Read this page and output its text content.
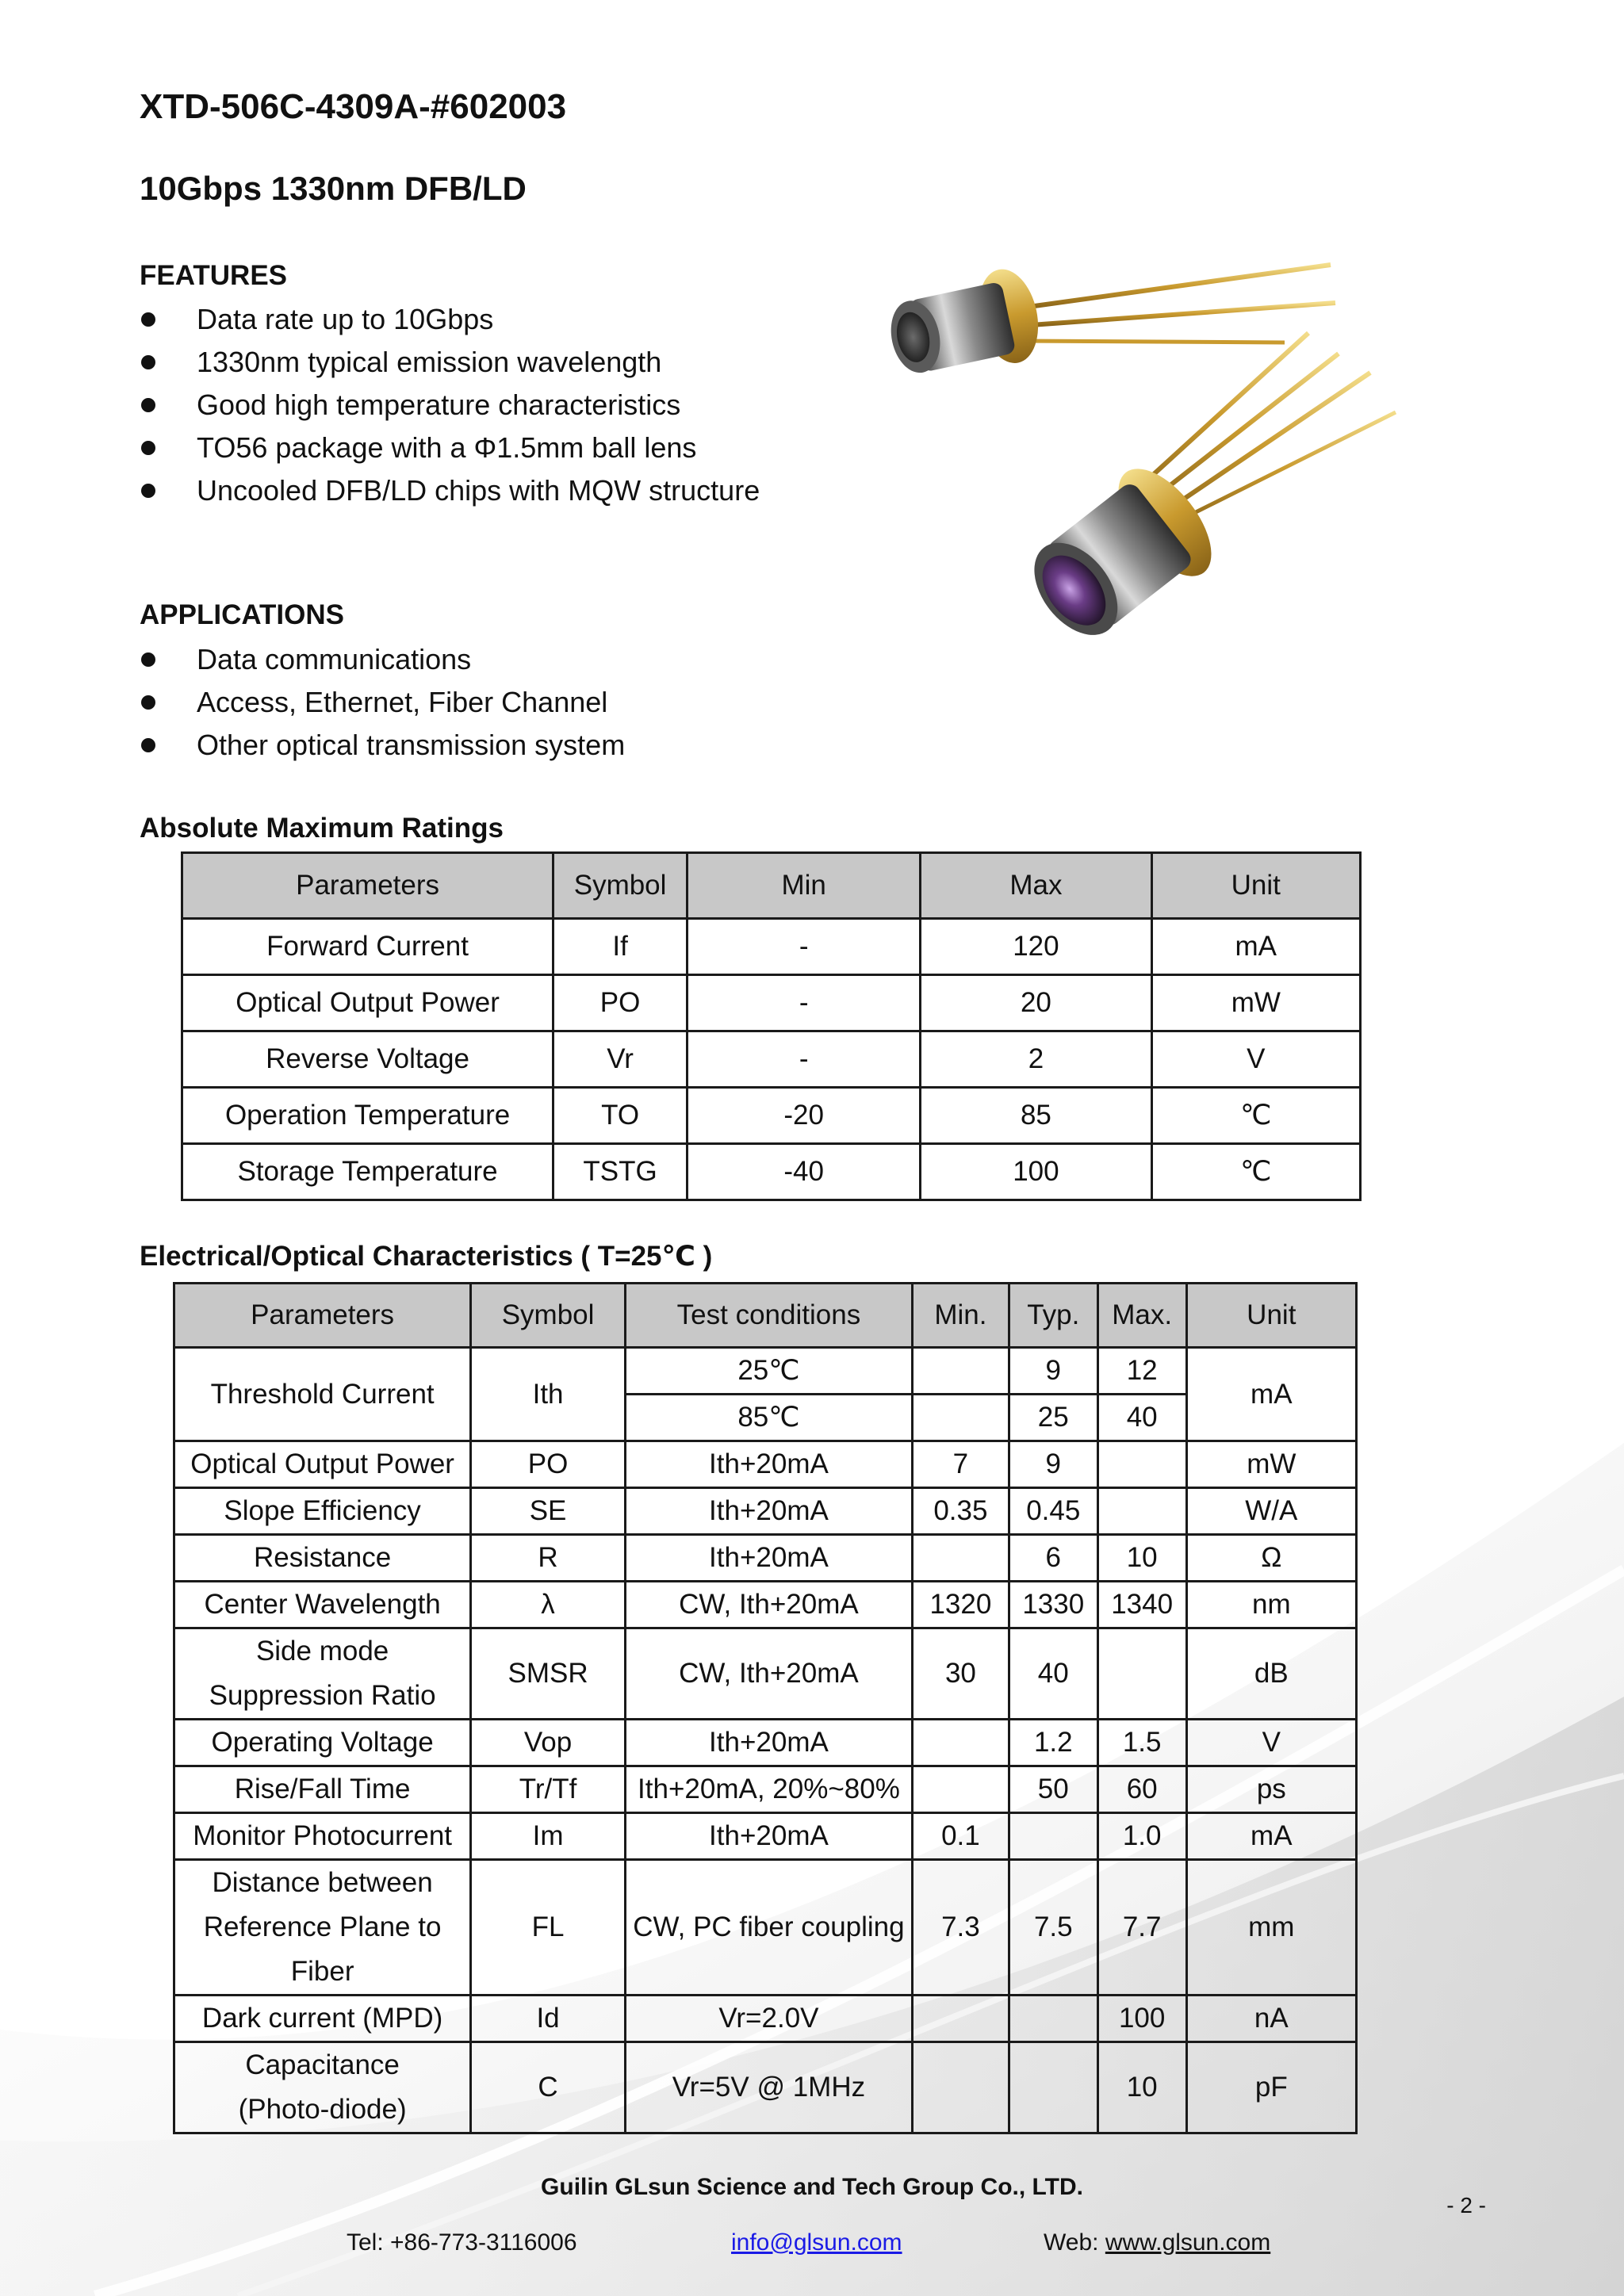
XTD-506C-4309A-#602003
10Gbps 1330nm DFB/LD
FEATURES
Data rate up to 10Gbps
1330nm typical emission wavelength
Good high temperature characteristics
TO56 package with a Φ1.5mm ball lens
Uncooled DFB/LD chips with MQW structure
APPLICATIONS
Data communications
Access, Ethernet, Fiber Channel
Other optical transmission system
Absolute Maximum Ratings
Parameters	Symbol	Min	Max	Unit
Forward Current	If	-	120	mA
Optical Output Power	PO	-	20	mW
Reverse Voltage	Vr	-	2	V
Operation Temperature	TO	-20	85	℃
Storage Temperature	TSTG	-40	100	℃
Electrical/Optical Characteristics ( T=25℃ )
Parameters	Symbol	Test conditions	Min.	Typ.	Max.	Unit
Threshold Current	Ith	25℃		9	12	mA
		85℃		25	40	
Optical Output Power	PO	Ith+20mA	7	9		mW
Slope Efficiency	SE	Ith+20mA	0.35	0.45		W/A
Resistance	R	Ith+20mA		6	10	Ω
Center Wavelength	λ	CW, Ith+20mA	1320	1330	1340	nm
Side mode
Suppression Ratio	SMSR	CW, Ith+20mA	30	40		dB
Operating Voltage	Vop	Ith+20mA		1.2	1.5	V
Rise/Fall Time	Tr/Tf	Ith+20mA, 20%~80%		50	60	ps
Monitor Photocurrent	Im	Ith+20mA	0.1		1.0	mA
Distance between
Reference Plane to
Fiber	FL	CW, PC fiber coupling	7.3	7.5	7.7	mm
Dark current (MPD)	Id	Vr=2.0V			100	nA
Capacitance
(Photo-diode)	C	Vr=5V @ 1MHz			10	pF
Guilin GLsun Science and Tech Group Co., LTD.
- 2 -
Tel: +86-773-3116006	info@glsun.com	Web: www.glsun.com
